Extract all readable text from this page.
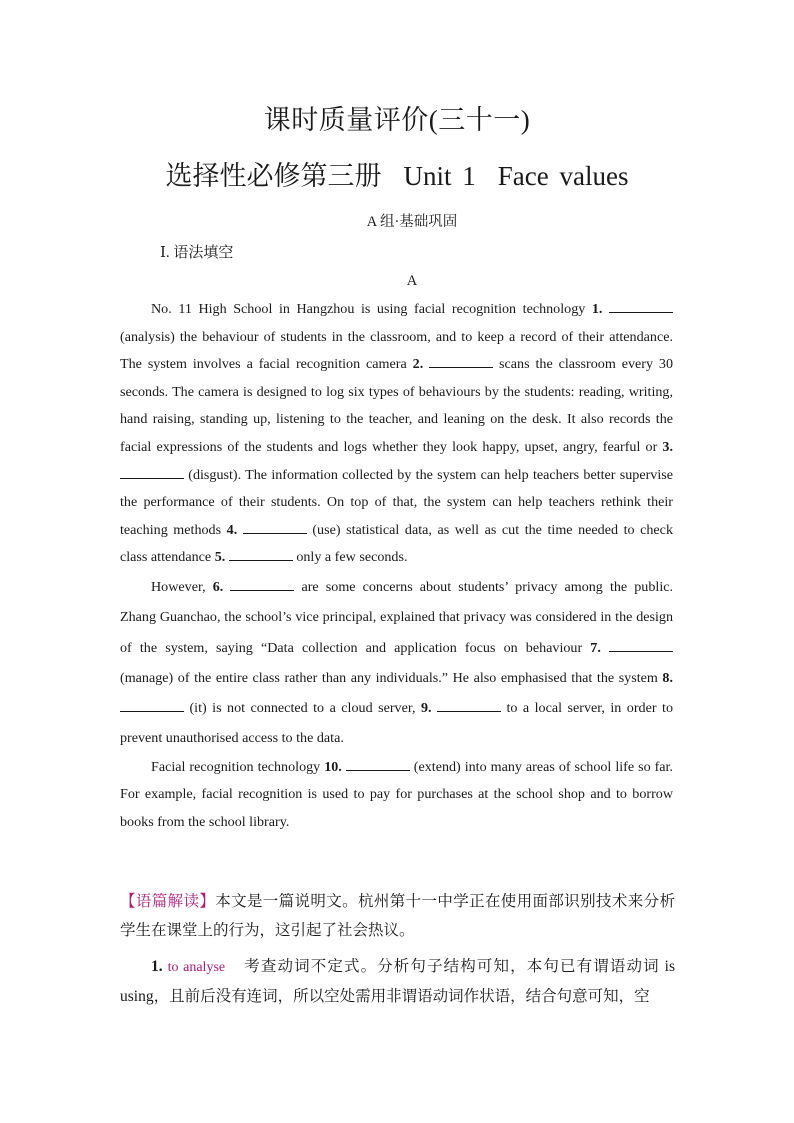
课时质量评价(三十一)
选择性必修第三册 Unit 1 Face values
A 组·基础巩固
Ⅰ. 语法填空
A

No. 11 High School in Hangzhou is using facial recognition technology 1.  (analysis) the behaviour of students in the classroom, and to keep a record of their attendance. The system involves a facial recognition camera 2.	scans the classroom every 30 seconds. The camera is designed to log six types of behaviours by the students: reading, writing, hand raising, standing up, listening to the teacher, and leaning on the desk. It also records the facial expressions of the students and logs whether they look happy, upset, angry, fearful or 3.  (disgust). The information collected by the system can help teachers better supervise the performance of their students. On top of that, the system can help teachers rethink their teaching methods 4.	(use) statistical data, as well as cut the time needed to check class attendance 5.	only a few seconds.

However, 6.	are some concerns about students’ privacy among the public. Zhang Guanchao, the school’s vice principal, explained that privacy was considered in the design of the system, saying “Data collection and application focus on behaviour 7.  (manage) of the entire class rather than any individuals.” He also emphasised that the system 8.  (it) is not connected to a cloud server, 9.	to a local server, in order to prevent unauthorised access to the data.

Facial recognition technology 10.	(extend) into many areas of school life so far. For example, facial recognition is used to pay for purchases at the school shop and to borrow books from the school library.

【语篇解读】本文是一篇说明文。杭州第十一中学正在使用面部识别技术来分析学生在课堂上的行为，这引起了社会热议。
1. to analyse 考查动词不定式。分析句子结构可知，本句已有谓语动词 is using，且前后没有连词，所以空处需用非谓语动词作状语，结合句意可知，空
